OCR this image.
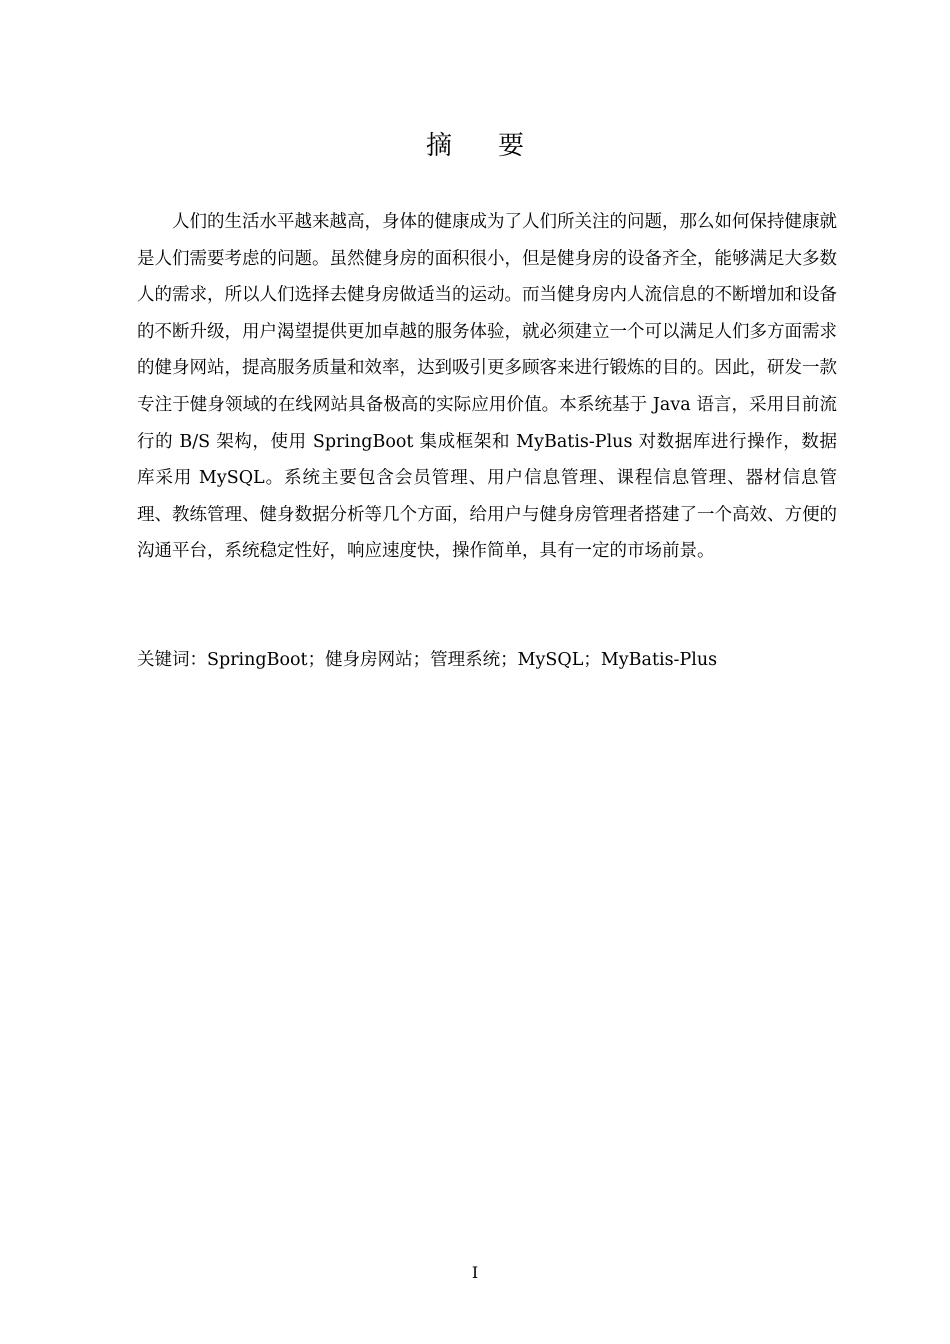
摘要

人们的生活水平越来越高，身体的健康成为了人们所关注的问题，那么如何保持健康就是人们需要考虑的问题。虽然健身房的面积很小，但是健身房的设备齐全，能够满足大多数人的需求，所以人们选择去健身房做适当的运动。而当健身房内人流信息的不断增加和设备的不断升级，用户渴望提供更加卓越的服务体验，就必须建立一个可以满足人们多方面需求的健身网站，提高服务质量和效率，达到吸引更多顾客来进行锻炼的目的。因此，研发一款专注于健身领域的在线网站具备极高的实际应用价值。本系统基于 Java 语言，采用目前流行的 B/S 架构，使用 SpringBoot 集成框架和 MyBatis-Plus 对数据库进行操作，数据库采用 MySQL。系统主要包含会员管理、用户信息管理、课程信息管理、器材信息管理、教练管理、健身数据分析等几个方面，给用户与健身房管理者搭建了一个高效、方便的沟通平台，系统稳定性好，响应速度快，操作简单，具有一定的市场前景。

关键词：SpringBoot；健身房网站；管理系统；MySQL；MyBatis-Plus

I
